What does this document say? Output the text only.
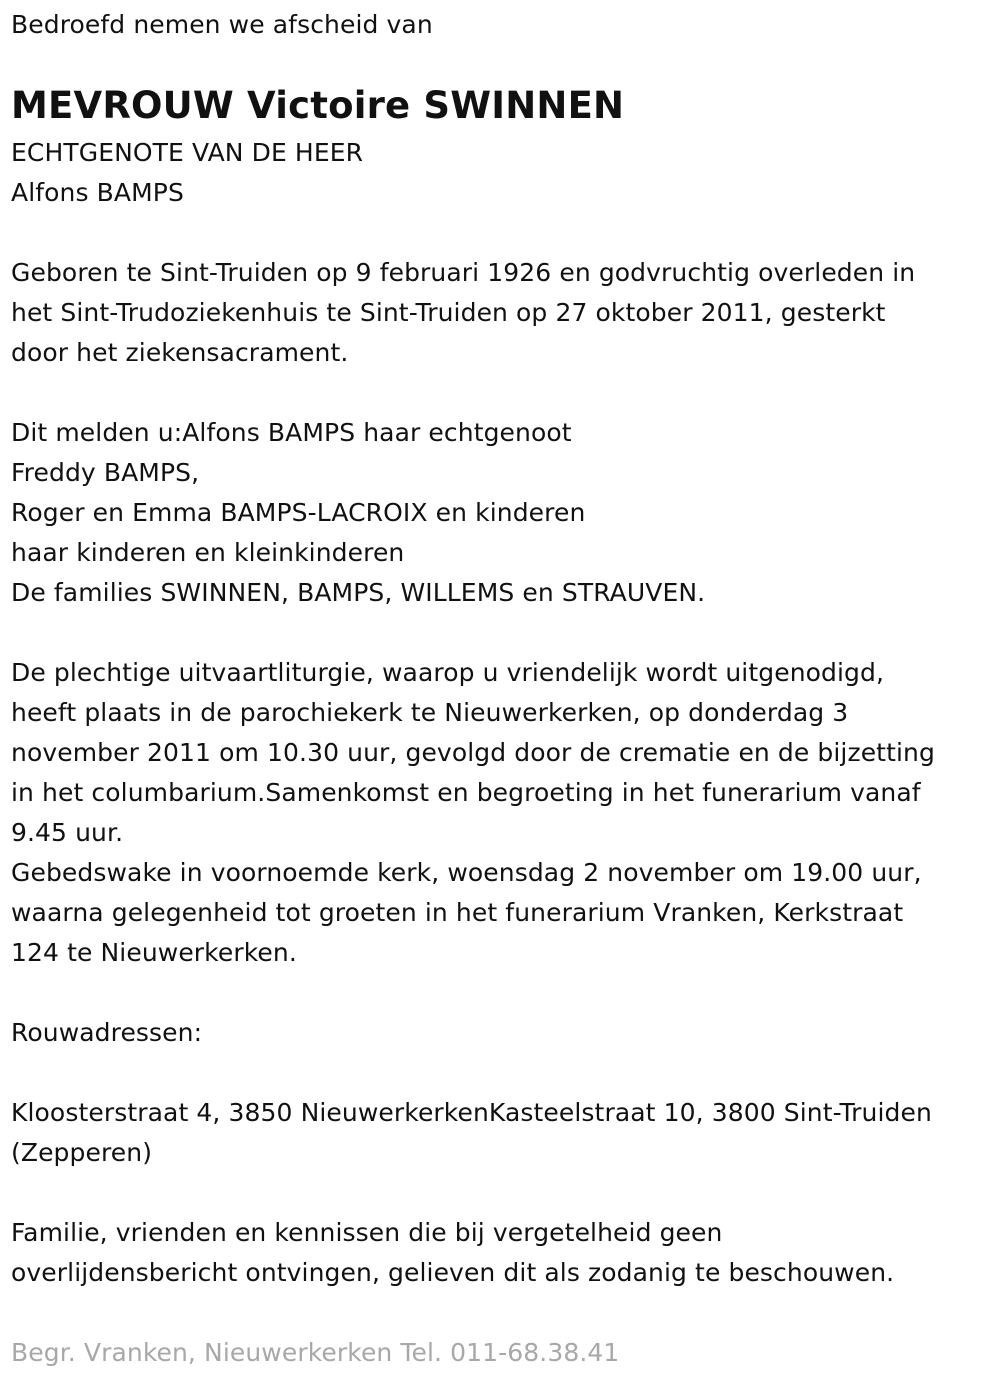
Bedroefd nemen we afscheid van
MEVROUW Victoire SWINNEN
ECHTGENOTE VAN DE HEER
Alfons BAMPS
Geboren te Sint-Truiden op 9 februari 1926 en godvruchtig overleden in
het Sint-Trudoziekenhuis te Sint-Truiden op 27 oktober 2011, gesterkt
door het ziekensacrament.
Dit melden u:Alfons BAMPS haar echtgenoot
Freddy BAMPS,
Roger en Emma BAMPS-LACROIX en kinderen
haar kinderen en kleinkinderen
De families SWINNEN, BAMPS, WILLEMS en STRAUVEN.
De plechtige uitvaartliturgie, waarop u vriendelijk wordt uitgenodigd,
heeft plaats in de parochiekerk te Nieuwerkerken, op donderdag 3
november 2011 om 10.30 uur, gevolgd door de crematie en de bijzetting
in het columbarium.Samenkomst en begroeting in het funerarium vanaf
9.45 uur.
Gebedswake in voornoemde kerk, woensdag 2 november om 19.00 uur,
waarna gelegenheid tot groeten in het funerarium Vranken, Kerkstraat
124 te Nieuwerkerken.
Rouwadressen:
Kloosterstraat 4, 3850 NieuwerkerkenKasteelstraat 10, 3800 Sint-Truiden
(Zepperen)
Familie, vrienden en kennissen die bij vergetelheid geen
overlijdensbericht ontvingen, gelieven dit als zodanig te beschouwen.
Begr. Vranken, Nieuwerkerken Tel. 011-68.38.41
